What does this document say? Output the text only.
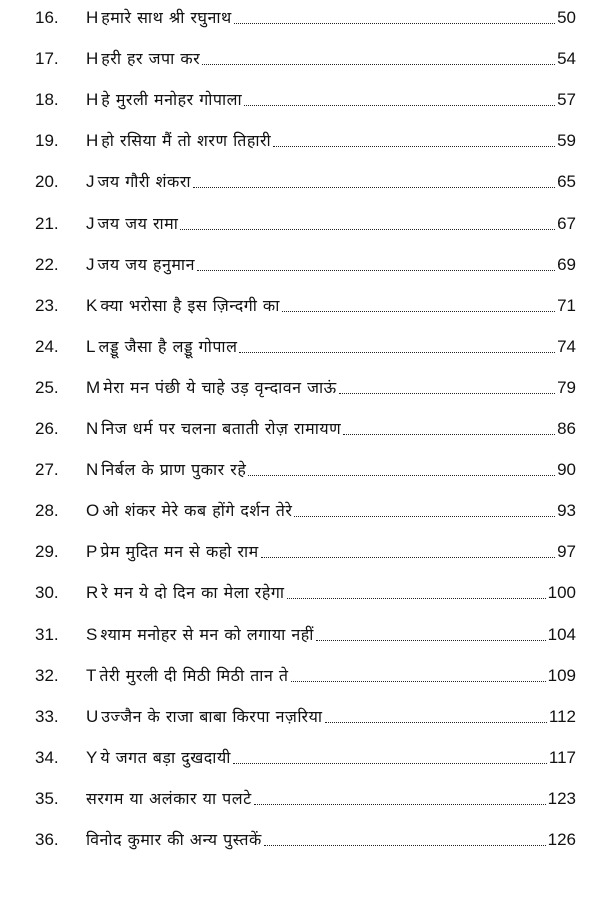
16.	H हमारे साथ श्री रघुनाथ	50
17.	H हरी हर जपा कर	54
18.	H हे मुरली मनोहर गोपाला	57
19.	H हो रसिया मैं तो शरण तिहारी	59
20.	J जय गौरी शंकरा	65
21.	J जय जय रामा	67
22.	J जय जय हनुमान	69
23.	K क्या भरोसा है इस ज़िन्दगी का	71
24.	L लड्डू जैसा है लड्डू गोपाल	74
25.	M मेरा मन पंछी ये चाहे उड़ वृन्दावन जाऊं	79
26.	N निज धर्म पर चलना बताती रोज़ रामायण	86
27.	N निर्बल के प्राण पुकार रहे	90
28.	O ओ शंकर मेरे कब होंगे दर्शन तेरे	93
29.	P प्रेम मुदित मन से कहो राम	97
30.	R रे मन ये दो दिन का मेला रहेगा	100
31.	S श्याम मनोहर से मन को लगाया नहीं	104
32.	T तेरी मुरली दी मिठी मिठी तान ते	109
33.	U उज्जैन के राजा बाबा किरपा नज़रिया	112
34.	Y ये जगत बड़ा दुखदायी	117
35.	सरगम या अलंकार या पलटे	123
36.	विनोद कुमार की अन्य पुस्तकें	126
